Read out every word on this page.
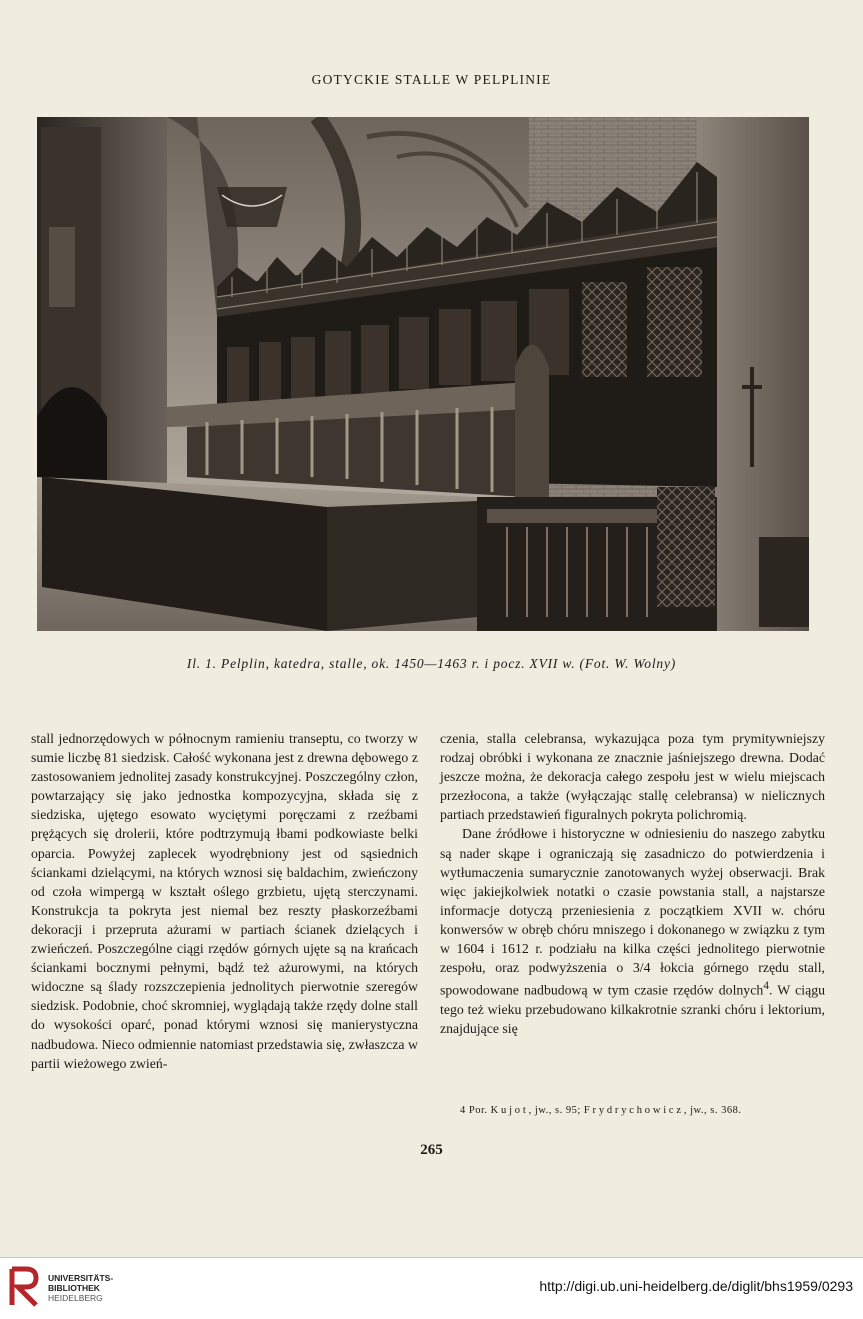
GOTYCKIE STALLE W PELPLINIE
Il. 1. Pelplin, katedra, stalle, ok. 1450—1463 r. i pocz. XVII w. (Fot. W. Wolny)

stall jednorzędowych w północnym ramieniu transeptu, co tworzy w sumie liczbę 81 siedzisk. Całość wykonana jest z drewna dębowego z zastosowaniem jednolitej zasady konstrukcyjnej. Poszczególny człon, powtarzający się jako jednostka kompozycyjna, składa się z siedziska, ujętego esowato wyciętymi poręczami z rzeźbami prężących się drolerii, które podtrzymują łbami podkowiaste belki oparcia. Powyżej zaplecek wyodrębniony jest od sąsiednich ściankami dzielącymi, na których wznosi się baldachim, zwieńczony od czoła wimpergą w kształt oślego grzbietu, ujętą sterczynami. Konstrukcja ta pokryta jest niemal bez reszty płaskorzeźbami dekoracji i przepruta ażurami w partiach ścianek dzielących i zwieńczeń. Poszczególne ciągi rzędów górnych ujęte są na krańcach ściankami bocznymi pełnymi, bądź też ażurowymi, na których widoczne są ślady rozszczepienia jednolitych pierwotnie szeregów siedzisk. Podobnie, choć skromniej, wyglądają także rzędy dolne stall do wysokości oparć, ponad którymi wznosi się manierystyczna nadbudowa. Nieco odmiennie natomiast przedstawia się, zwłaszcza w partii wieżowego zwień-

czenia, stalla celebransa, wykazująca poza tym prymitywniejszy rodzaj obróbki i wykonana ze znacznie jaśniejszego drewna. Dodać jeszcze można, że dekoracja całego zespołu jest w wielu miejscach przezłocona, a także (wyłączając stallę celebransa) w nielicznych partiach przedstawień figuralnych pokryta polichromią.

Dane źródłowe i historyczne w odniesieniu do naszego zabytku są nader skąpe i ograniczają się zasadniczo do potwierdzenia i wytłumaczenia sumarycznie zanotowanych wyżej obserwacji. Brak więc jakiejkolwiek notatki o czasie powstania stall, a najstarsze informacje dotyczą przeniesienia z początkiem XVII w. chóru konwersów w obręb chóru mniszego i dokonanego w związku z tym w 1604 i 1612 r. podziału na kilka części jednolitego pierwotnie zespołu, oraz podwyższenia o 3/4 łokcia górnego rzędu stall, spowodowane nadbudową w tym czasie rzędów dolnych$^4$. W ciągu tego też wieku przebudowano kilkakrotnie szranki chóru i lektorium, znajdujące się

4 Por. Kujot, jw., s. 95; Frydrychowicz, jw., s. 368.
265
UNIVERSITÄTS-
BIBLIOTHEK
HEIDELBERG
http://digi.ub.uni-heidelberg.de/diglit/bhs1959/0293
